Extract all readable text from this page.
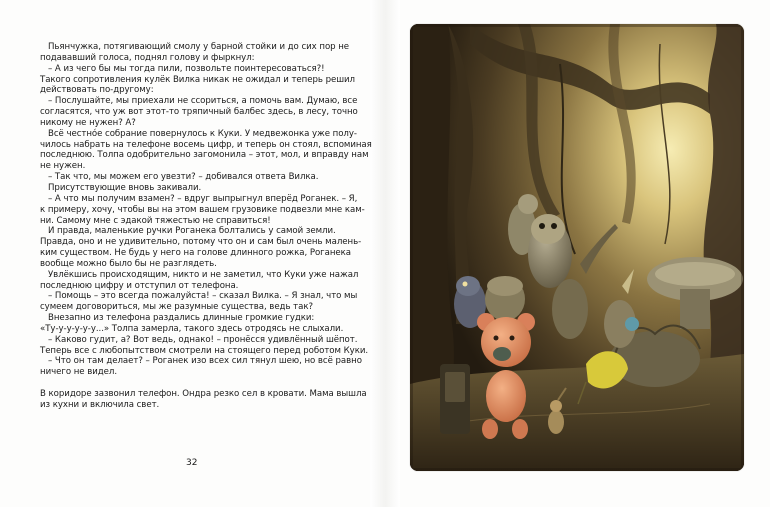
Пьянчужка, потягивающий смолу у барной стойки и до сих пор не
подававший голоса, поднял голову и фыркнул:
– А из чего бы мы тогда пили, позвольте поинтересоваться?!
Такого сопротивления кулёк Вилка никак не ожидал и теперь решил
действовать по-другому:
– Послушайте, мы приехали не ссориться, а помочь вам. Думаю, все
согласятся, что уж вот этот-то тряпичный балбес здесь, в лесу, точно
никому не нужен? А?
Всё честнóе собрание повернулось к Куки. У медвежонка уже полу-
чилось набрать на телефоне восемь цифр, и теперь он стоял, вспоминая
последнюю. Толпа одобрительно загомонила – этот, мол, и вправду нам
не нужен.
– Так что, мы можем его увезти? – добивался ответа Вилка.
Присутствующие вновь закивали.
– А что мы получим взамен? – вдруг выпрыгнул вперёд Роганек. – Я,
к примеру, хочу, чтобы вы на этом вашем грузовике подвезли мне кам-
ни. Самому мне с эдакой тяжестью не справиться!
И правда, маленькие ручки Роганека болтались у самой земли.
Правда, оно и не удивительно, потому что он и сам был очень малень-
ким существом. Не будь у него на голове длинного рожка, Роганека
вообще можно было бы не разглядеть.
Увлёкшись происходящим, никто и не заметил, что Куки уже нажал
последнюю цифру и отступил от телефона.
– Помощь – это всегда пожалуйста! – сказал Вилка. – Я знал, что мы
сумеем договориться, мы же разумные существа, ведь так?
Внезапно из телефона раздались длинные громкие гудки:
«Ту-у-у-у-у-у...» Толпа замерла, такого здесь отродясь не слыхали.
– Каково гудит, а? Вот ведь, однако! – пронёсся удивлённый шёпот.
Теперь все с любопытством смотрели на стоящего перед роботом Куки.
– Что он там делает? – Роганек изо всех сил тянул шею, но всё равно
ничего не видел.
В коридоре зазвонил телефон. Ондра резко сел в кровати. Мама вышла
из кухни и включила свет.
32
